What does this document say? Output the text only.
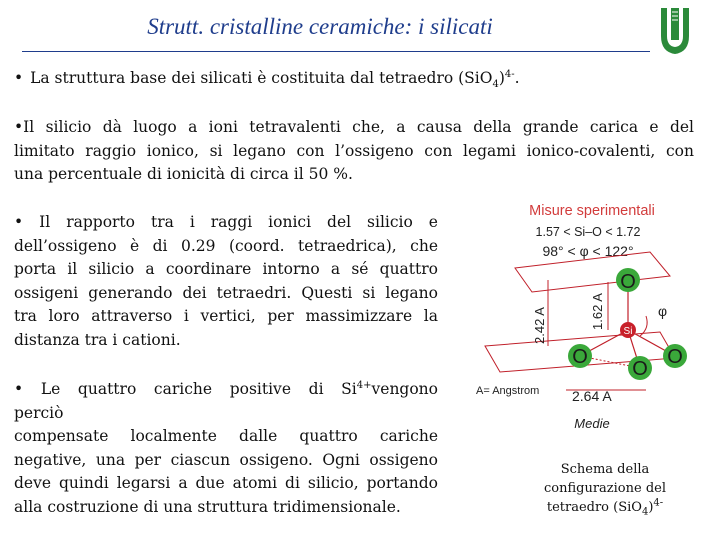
Strutt. cristalline ceramiche: i silicati
• La struttura base dei silicati è costituita dal tetraedro $(SiO_4)^{4-}$.
•Il silicio dà luogo a ioni tetravalenti che, a causa della grande carica e del
limitato raggio ionico, si legano con l’ossigeno con legami ionico-covalenti, con
una percentuale di ionicità di circa il 50 %.
• Il rapporto tra i raggi ionici del silicio e
dell’ossigeno è di 0.29 (coord. tetraedrica), che
porta il silicio a coordinare intorno a sé quattro
ossigeni generando dei tetraedri. Questi si legano
tra loro attraverso i vertici, per massimizzare la
distanza tra i cationi.
• Le quattro cariche positive di $Si^{4+}vengono$
perciò
compensate localmente dalle quattro cariche
negative, una per ciascun ossigeno. Ogni ossigeno
deve quindi legarsi a due atomi di silicio, portando
alla costruzione di una struttura tridimensionale.
Misure sperimentali
1.57 < Si–O < 1.72
98° < φ < 122°
2.42 A	1.62 A	φ
O
Si
O
O
O
A= Angstrom 2.64 A
Medie
Schema della
configurazione del
tetraedro $(SiO_4)^{4-}$
